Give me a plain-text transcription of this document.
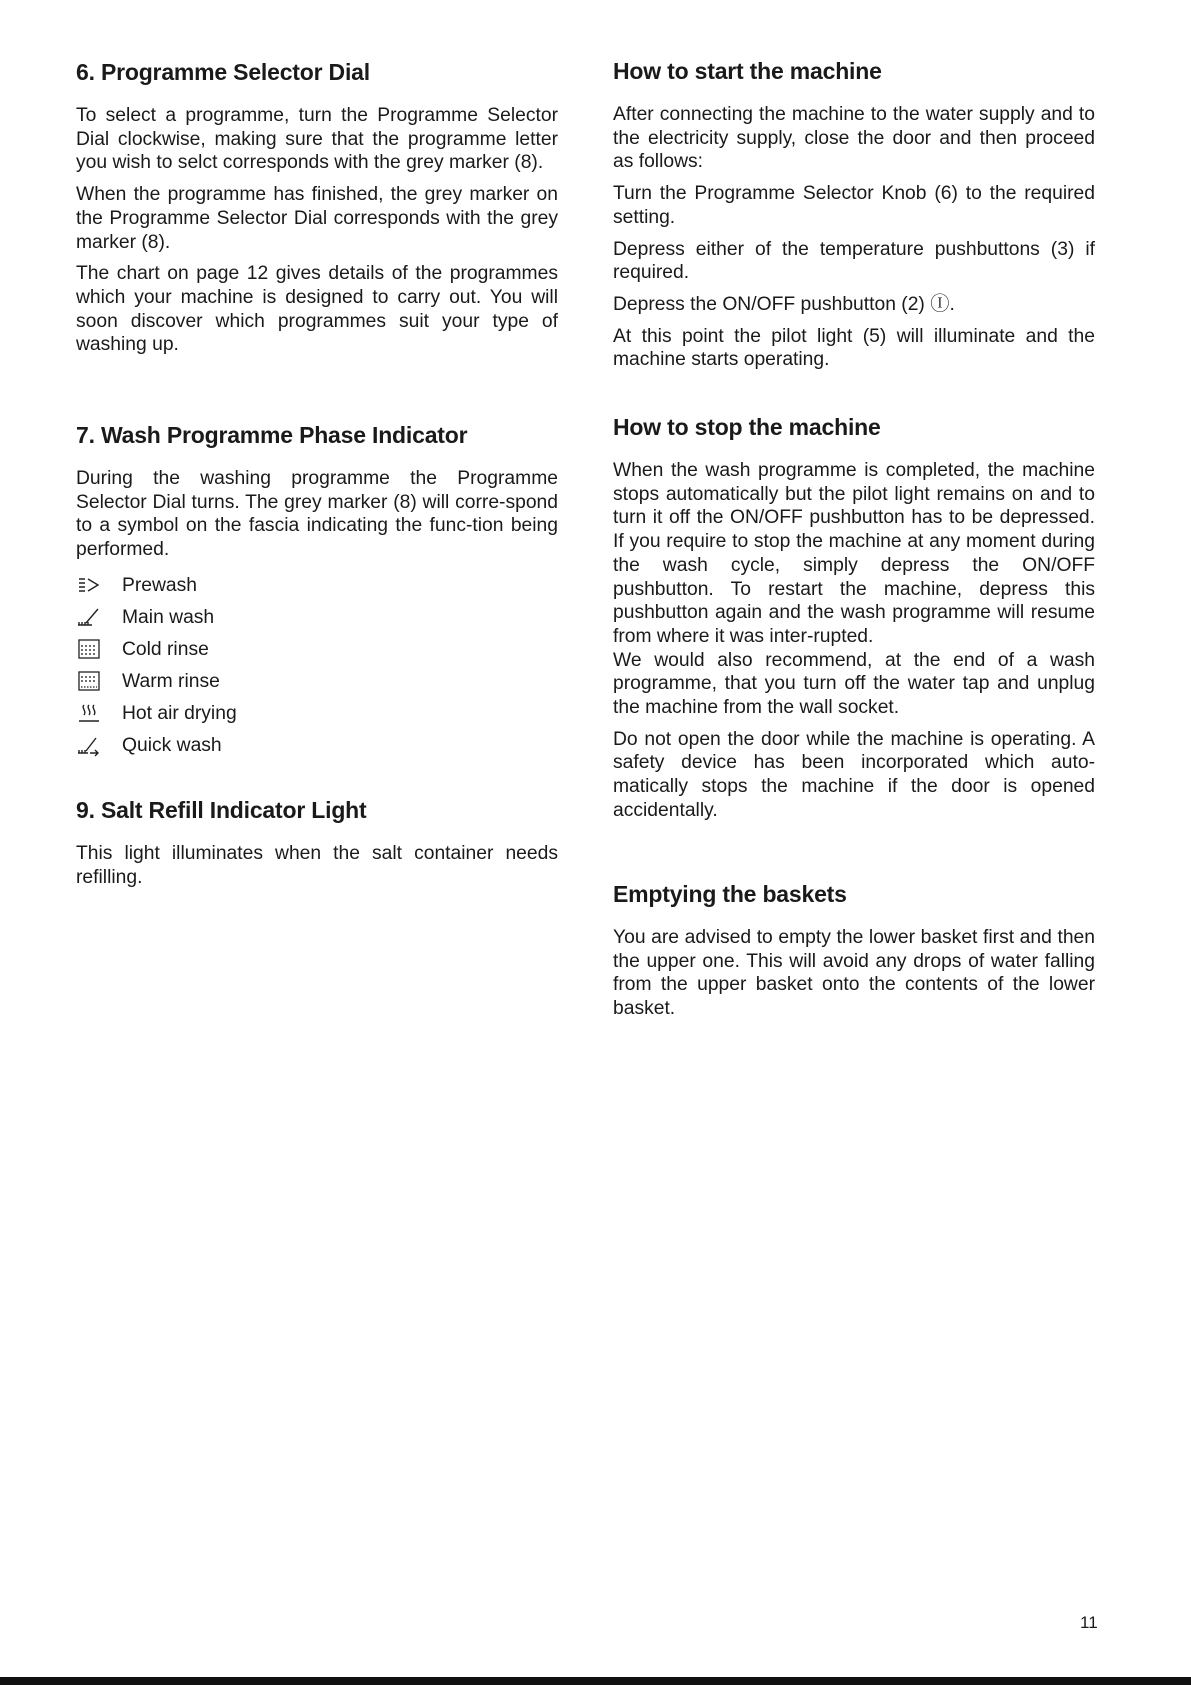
6. Programme Selector Dial

To select a programme, turn the Programme Selector Dial clockwise, making sure that the programme letter you wish to selct corresponds with the grey marker (8).

When the programme has finished, the grey marker on the Programme Selector Dial corresponds with the grey marker (8).

The chart on page 12 gives details of the programmes which your machine is designed to carry out. You will soon discover which programmes suit your type of washing up.

7. Wash Programme Phase Indicator

During the washing programme the Programme Selector Dial turns. The grey marker (8) will corre-spond to a symbol on the fascia indicating the func-tion being performed.

Prewash
Main wash
Cold rinse
Warm rinse
Hot air drying
Quick wash
9. Salt Refill Indicator Light

This light illuminates when the salt container needs refilling.

How to start the machine

After connecting the machine to the water supply and to the electricity supply, close the door and then proceed as follows:

Turn the Programme Selector Knob (6) to the required setting.

Depress either of the temperature pushbuttons (3) if required.

Depress the ON/OFF pushbutton (2) Ⓘ.

At this point the pilot light (5) will illuminate and the machine starts operating.

How to stop the machine

When the wash programme is completed, the machine stops automatically but the pilot light remains on and to turn it off the ON/OFF pushbutton has to be depressed. If you require to stop the machine at any moment during the wash cycle, simply depress the ON/OFF pushbutton. To restart the machine, depress this pushbutton again and the wash programme will resume from where it was inter-rupted.

We would also recommend, at the end of a wash programme, that you turn off the water tap and unplug the machine from the wall socket.

Do not open the door while the machine is operating. A safety device has been incorporated which auto-matically stops the machine if the door is opened accidentally.

Emptying the baskets

You are advised to empty the lower basket first and then the upper one. This will avoid any drops of water falling from the upper basket onto the contents of the lower basket.

11
